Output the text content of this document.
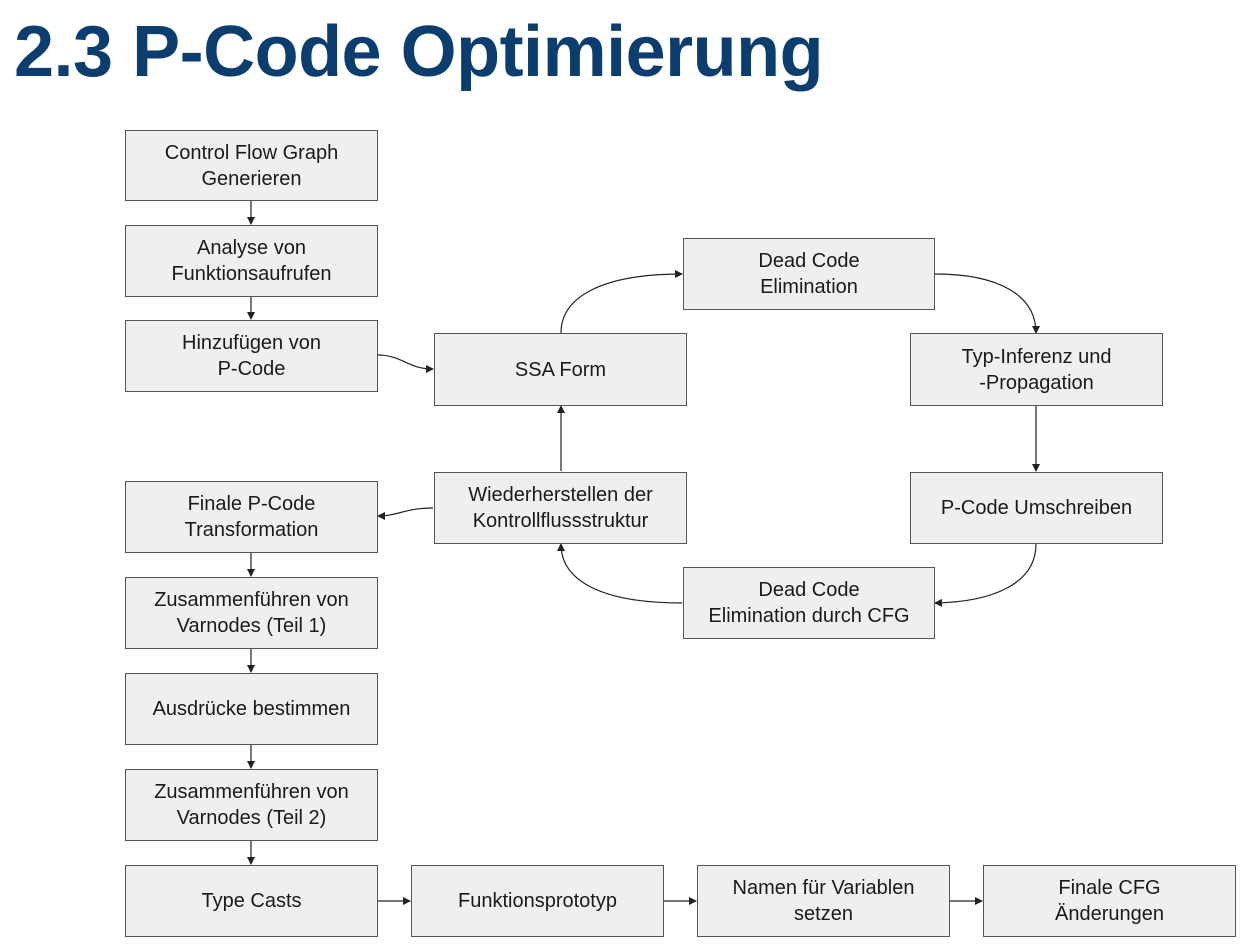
2.3 P-Code Optimierung
Control Flow Graph
Generieren
Analyse von
Funktionsaufrufen
Hinzufügen von
P-Code	SSA Form
Dead Code
Elimination
Typ-Inferenz und
-Propagation
P-Code Umschreiben
Dead Code
Elimination durch CFG
Wiederherstellen der
Kontrollflussstruktur
Finale P-Code
Transformation
Zusammenführen von
Varnodes (Teil 1)
Ausdrücke bestimmen
Zusammenführen von
Varnodes (Teil 2)
Type Casts	Funktionsprototyp
Namen für Variablen
setzen
Finale CFG
Änderungen
